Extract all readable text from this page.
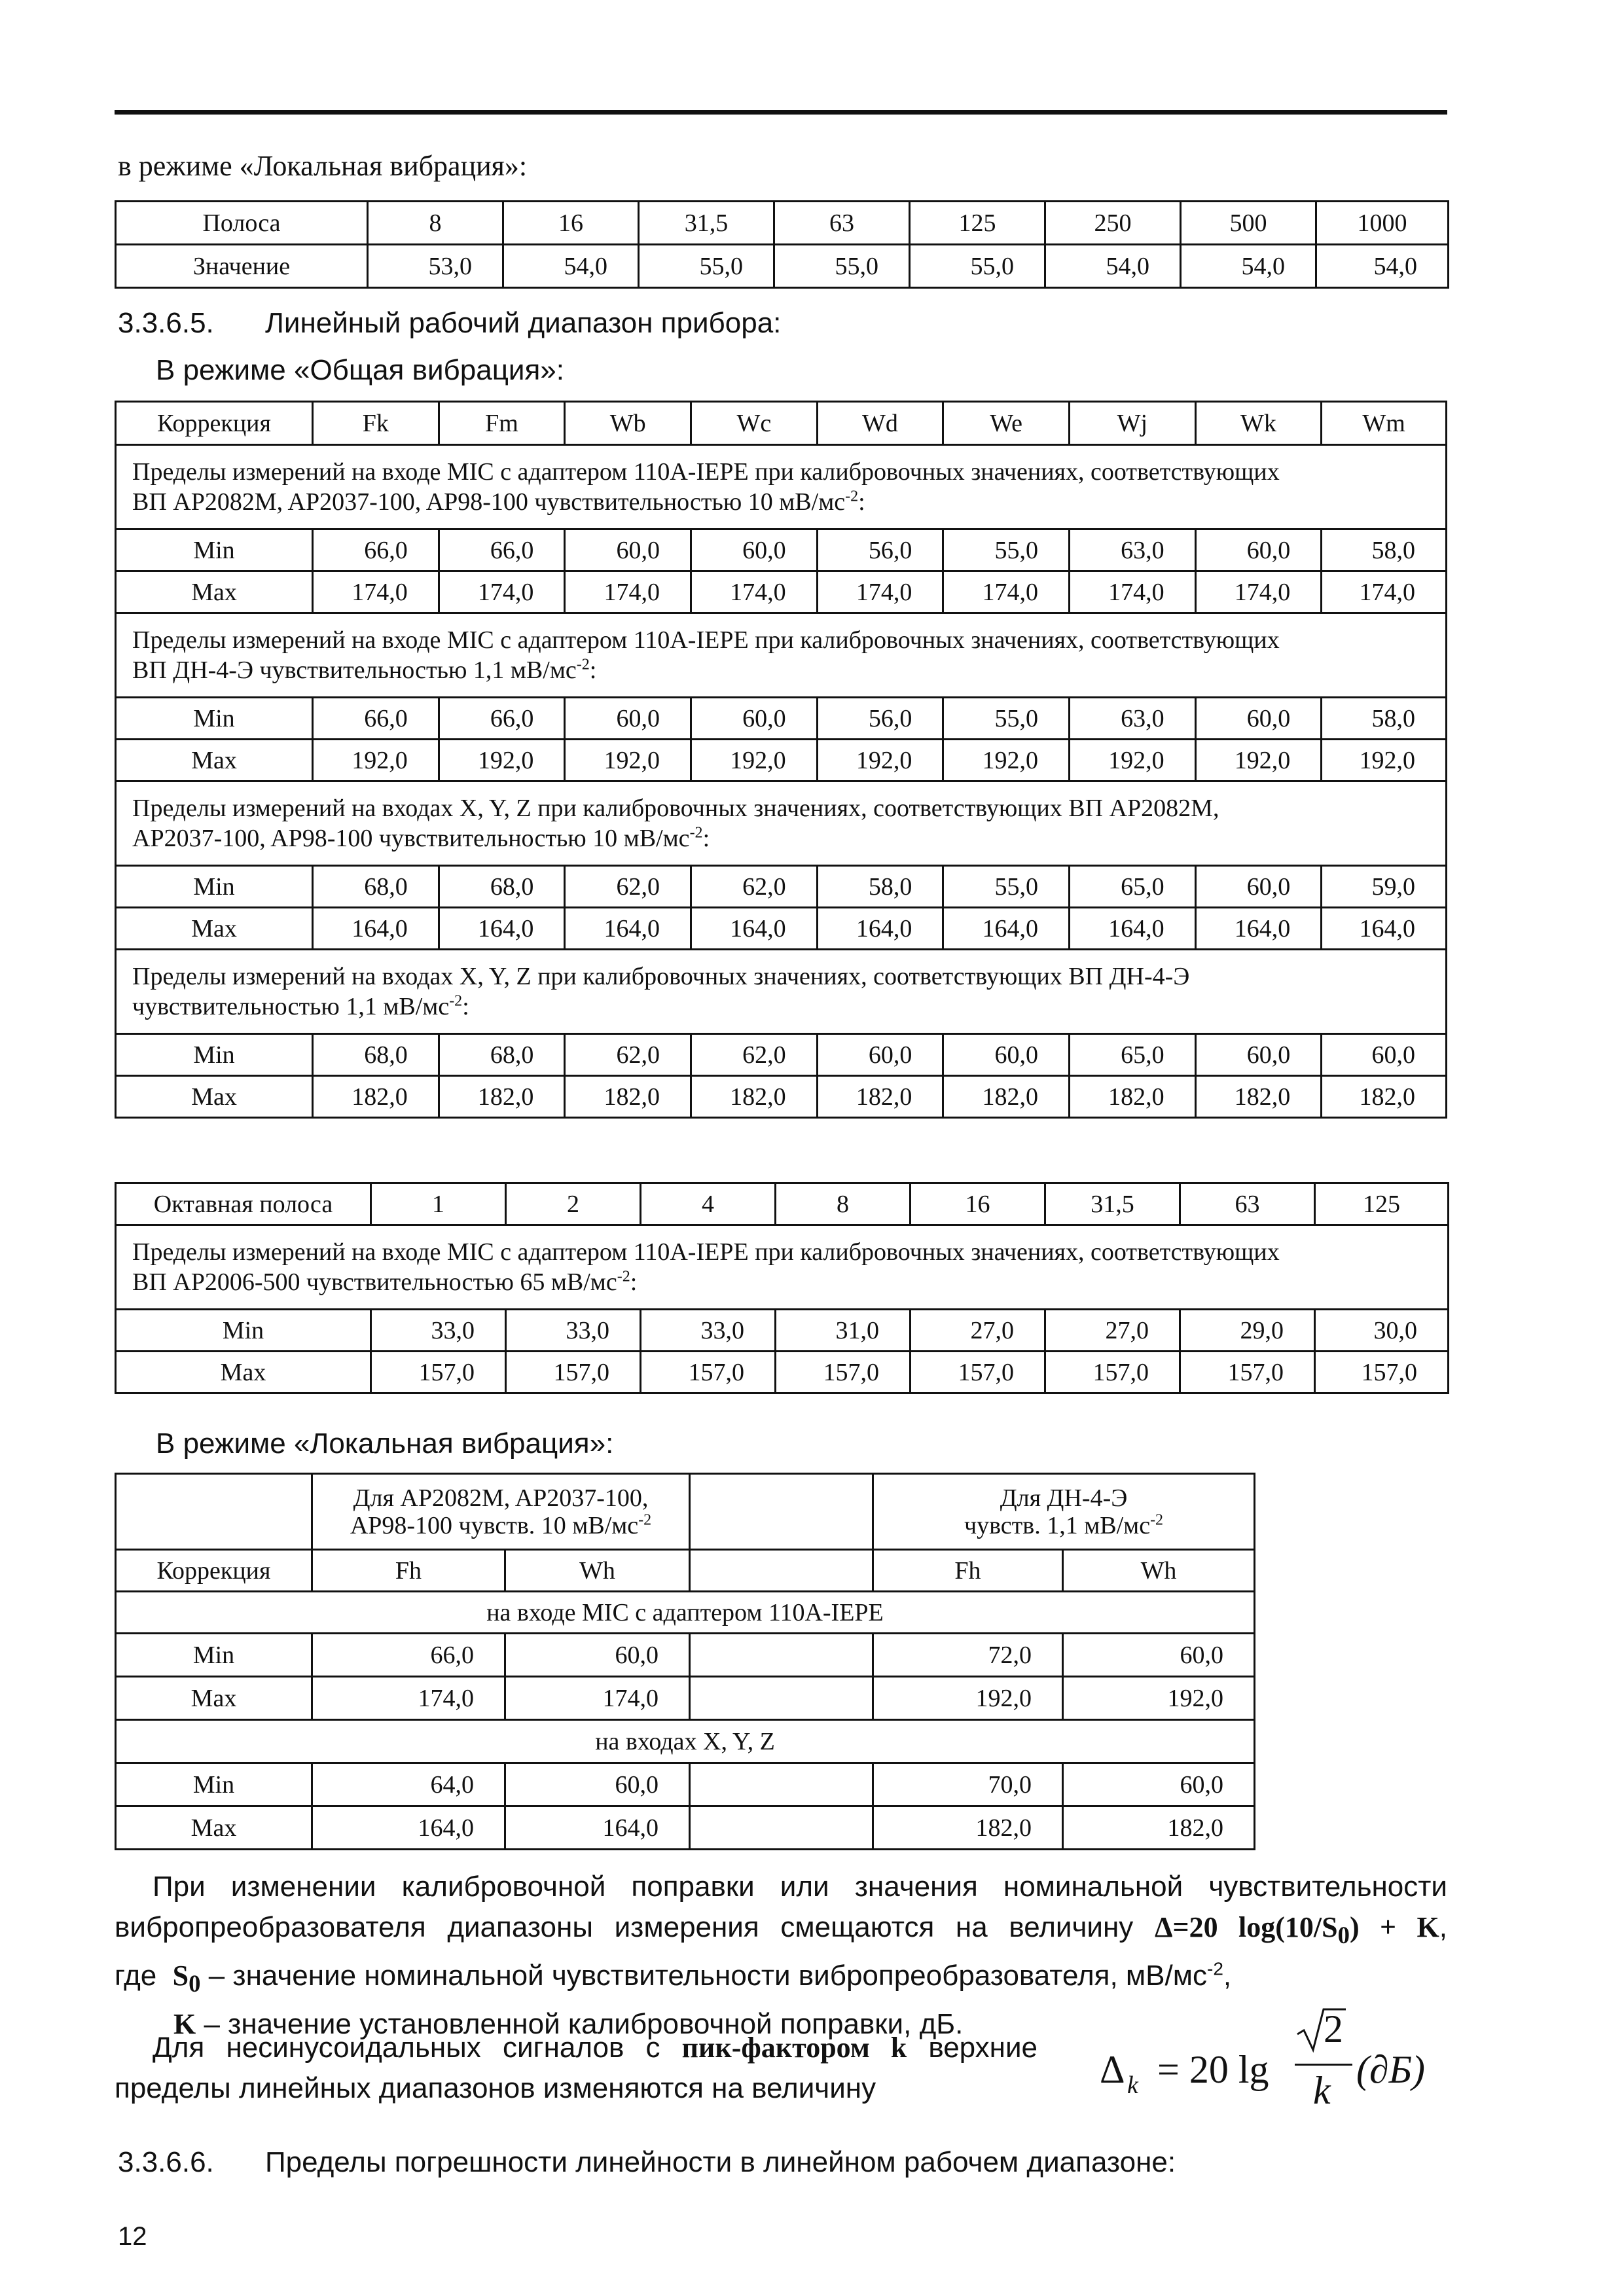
в режиме «Локальная вибрация»:
Полоса	8	16	31,5	63	125	250	500	1000
Значение	53,0	54,0	55,0	55,0	55,0	54,0	54,0	54,0
3.3.6.5. Линейный рабочий диапазон прибора:
В режиме «Общая вибрация»:
Коррекция	Fk	Fm	Wb	Wc	Wd	We	Wj	Wk	Wm
Пределы измерений на входе MIC с адаптером 110A-IEPE при калибровочных значениях, соответствующих
ВП AP2082M, AP2037-100, AP98-100 чувствительностью 10 $мВ/мс^{-2}$:									
Min	66,0	66,0	60,0	60,0	56,0	55,0	63,0	60,0	58,0
Max	174,0	174,0	174,0	174,0	174,0	174,0	174,0	174,0	174,0
Пределы измерений на входе MIC с адаптером 110A-IEPE при калибровочных значениях, соответствующих
ВП ДН-4-Э чувствительностью 1,1 $мВ/мс^{-2}$:									
Min	66,0	66,0	60,0	60,0	56,0	55,0	63,0	60,0	58,0
Max	192,0	192,0	192,0	192,0	192,0	192,0	192,0	192,0	192,0
Пределы измерений на входах X, Y, Z при калибровочных значениях, соответствующих ВП AP2082M,
AP2037-100, AP98-100 чувствительностью 10 $мВ/мс^{-2}$:									
Min	68,0	68,0	62,0	62,0	58,0	55,0	65,0	60,0	59,0
Max	164,0	164,0	164,0	164,0	164,0	164,0	164,0	164,0	164,0
Пределы измерений на входах X, Y, Z при калибровочных значениях, соответствующих ВП ДН-4-Э
чувствительностью 1,1 $мВ/мс^{-2}$:									
Min	68,0	68,0	62,0	62,0	60,0	60,0	65,0	60,0	60,0
Max	182,0	182,0	182,0	182,0	182,0	182,0	182,0	182,0	182,0
Октавная полоса	1	2	4	8	16	31,5	63	125
Пределы измерений на входе MIC с адаптером 110A-IEPE при калибровочных значениях, соответствующих
ВП AP2006-500 чувствительностью 65 $мВ/мс^{-2}$:								
Min	33,0	33,0	33,0	31,0	27,0	27,0	29,0	30,0
Max	157,0	157,0	157,0	157,0	157,0	157,0	157,0	157,0
В режиме «Локальная вибрация»:
	Для AP2082M, AP2037-100,
AP98-100 чувств. 10 $мВ/мс^{-2}$			Для ДН-4-Э
чувств. 1,1 $мВ/мс^{-2}$
Коррекция	Fh	Wh		Fh	Wh
на входе MIC с адаптером 110A-IEPE					
Min	66,0	60,0		72,0	60,0
Max	174,0	174,0		192,0	192,0
на входах X, Y, Z					
Min	64,0	60,0		70,0	60,0
Max	164,0	164,0		182,0	182,0
При изменении калибровочной поправки или значения номинальной чувствительности
вибропреобразователя диапазоны измерения смещаются на величину Δ=20 $\log(10/S_0) + K$,
где $S_0$ – значение номинальной чувствительности вибропреобразователя, $мВ/мс^{-2}$,
K – значение установленной калибровочной поправки, дБ.
Для несинусоидальных сигналов с пик-фактором k верхние
пределы линейных диапазонов изменяются на величину	Δ k = 20 lg
2
k (∂Б)
3.3.6.6. Пределы погрешности линейности в линейном рабочем диапазоне:
12
